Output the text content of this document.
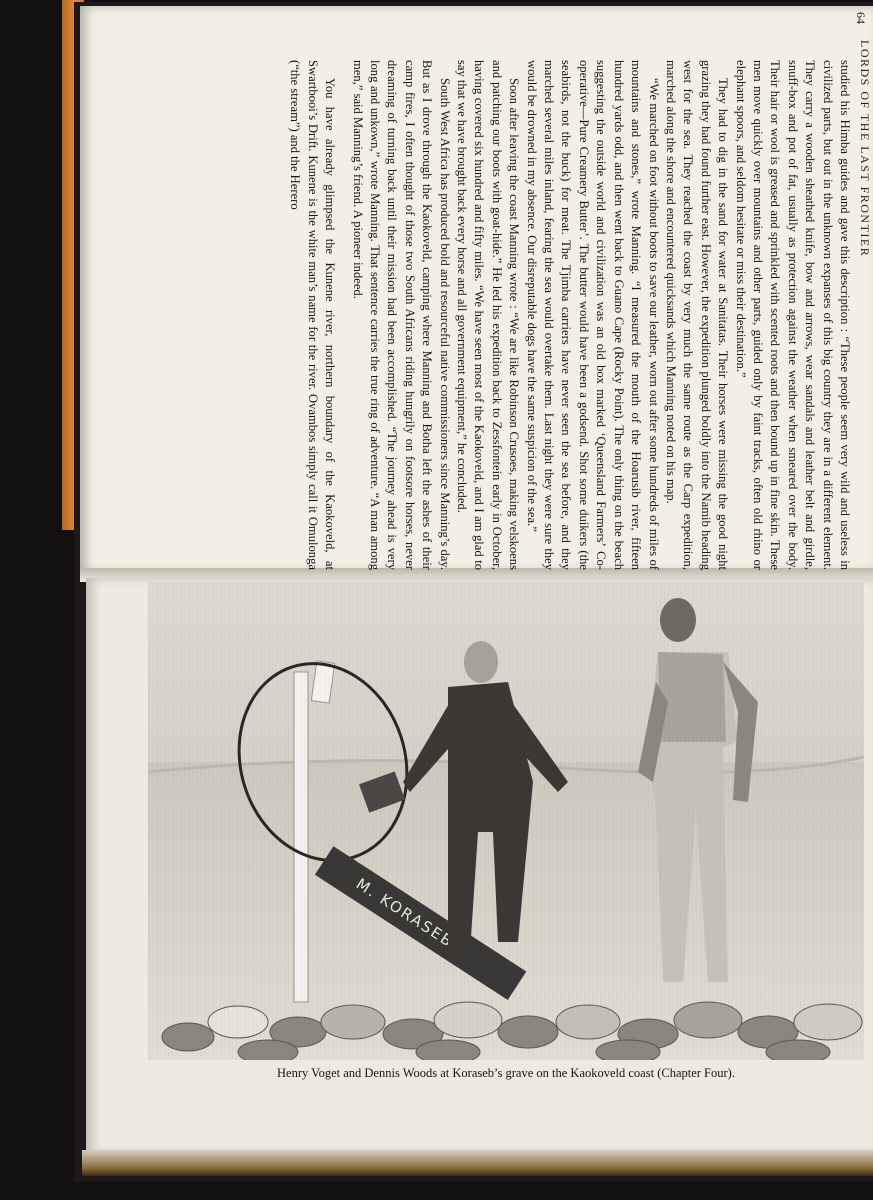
64
LORDS OF THE LAST FRONTIER

studied his Himba guides and gave this description : “These people seem very wild and useless in civilized parts, but out in the unknown expanses of this big country they are in a different element. They carry a wooden sheathed knife, bow and arrows, wear sandals and leather belt and girdle, snuff-box and pot of fat, usually as protection against the weather when smeared over the body. Their hair or wool is greased and sprinkled with scented roots and then bound up in fine skin. These men move quickly over mountains and other parts, guided only by faint tracks, often old rhino or elephant spoors, and seldom hesitate or miss their destination.”

They had to dig in the sand for water at Sanitatas. Their horses were missing the good night grazing they had found further east. However, the expedition plunged boldly into the Namib heading west for the sea. They reached the coast by very much the same route as the Carp expedition, marched along the shore and encountered quicksands which Manning noted on his map.

“We marched on foot without boots to save our leather, worn out after some hundreds of miles of mountains and stones,” wrote Manning. “I measured the mouth of the Hoarusib river, fifteen hundred yards odd, and then went back to Guano Cape (Rocky Point). The only thing on the beach suggesting the outside world and civilization was an old box marked ‘Queensland Farmers’ Co-operative—Pure Creamery Butter’. The butter would have been a godsend. Shot some duikers (the seabirds, not the buck) for meat. The Tjimba carriers have never seen the sea before, and they marched several miles inland, fearing the sea would overtake them. Last night they were sure they would be drowned in my absence. Our disreputable dogs have the same suspicion of the sea.”

Soon after leaving the coast Manning wrote : “We are like Robinson Crusoes, making velskoens and patching our boots with goat-hide.” He led his expedition back to Zessfontein early in October, having covered six hundred and fifty miles. “We have seen most of the Kaokoveld, and I am glad to say that we have brought back every horse and all government equipment,” he concluded.

South West Africa has produced bold and resourceful native commissioners since Manning’s day. But as I drove through the Kaokoveld, camping where Manning and Botha left the ashes of their camp fires, I often thought of those two South Africans riding hungrily on footsore horses, never dreaming of turning back until their mission had been accomplished. “The journey ahead is very long and unkown,” wrote Manning. That sentence carries the true ring of adventure. “A man among men,” said Manning’s friend. A pioneer indeed.

You have already glimpsed the Kunene river, northern boundary of the Kaokoveld, at Swartbooi’s Drift. Kunene is the white man’s name for the river. Ovambos simply call it Omulonga (“the stream”) and the Herero

Henry Voget and Dennis Woods at Koraseb’s grave on the Kaokoveld coast (Chapter Four).
